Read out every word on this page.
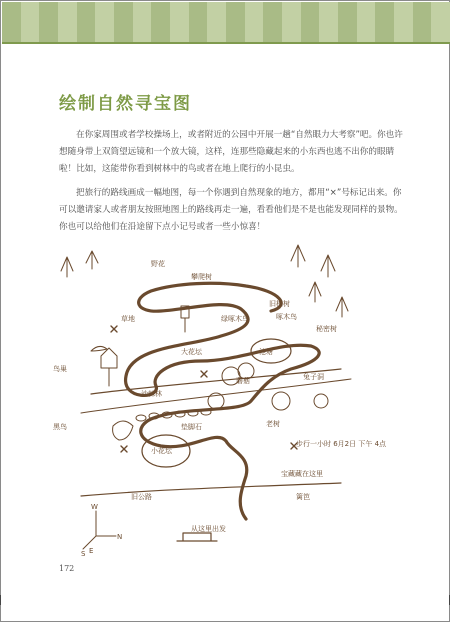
绘制自然寻宝图
在你家周围或者学校操场上，或者附近的公园中开展一趟“自然眼力大考察”吧。你也许想随身带上双筒望远镜和一个放大镜，这样，连那些隐藏起来的小东西也逃不出你的眼睛啦！比如，这能带你看到树林中的鸟或者在地上爬行的小昆虫。
把旅行的路线画成一幅地图，每一个你遇到自然现象的地方，都用“×”号标记出来。你可以邀请家人或者朋友按照地图上的路线再走一遍，看看他们是不是也能发现同样的景物。你也可以给他们在沿途留下点小记号或者一些小惊喜！
野花
攀爬树
绿啄木鸟
旧橡树
啄木鸟
池塘
秘密树
大花坛
蘑菇	兔子洞
沙棘林
鸟巢
草地
老树
黑鸟
小花坛
垫脚石
旧公路
步行一小时 6月2日 下午 4点
宝藏藏在这里
从这里出发
篱笆
N
S
W
E
172
